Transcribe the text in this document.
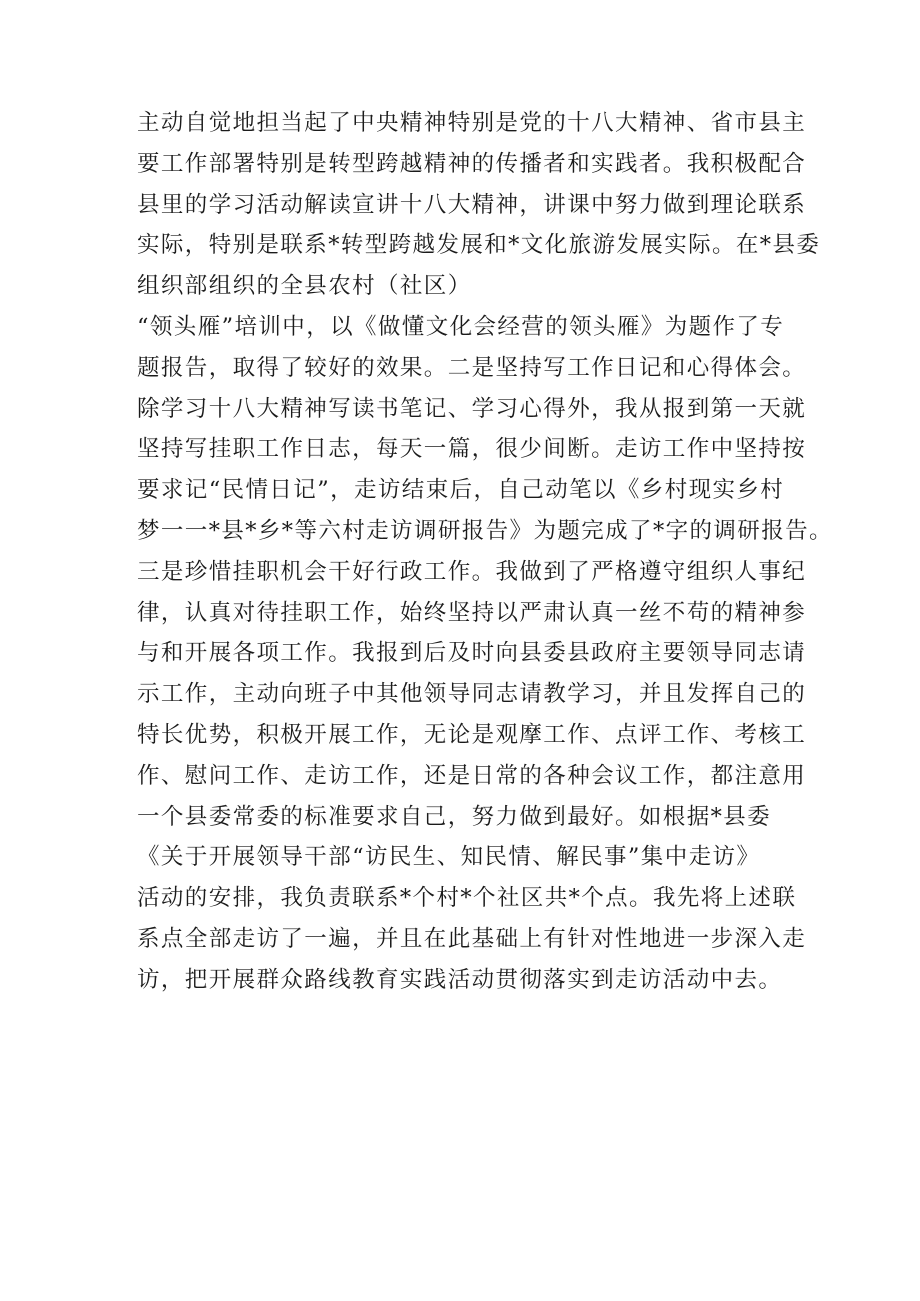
主动自觉地担当起了中央精神特别是党的十八大精神、省市县主
要工作部署特别是转型跨越精神的传播者和实践者。我积极配合
县里的学习活动解读宣讲十八大精神，讲课中努力做到理论联系
实际，特别是联系*转型跨越发展和*文化旅游发展实际。在*县委
组织部组织的全县农村（社区）
“领头雁”培训中，以《做懂文化会经营的领头雁》为题作了专
题报告，取得了较好的效果。二是坚持写工作日记和心得体会。
除学习十八大精神写读书笔记、学习心得外，我从报到第一天就
坚持写挂职工作日志，每天一篇，很少间断。走访工作中坚持按
要求记“民情日记”，走访结束后，自己动笔以《乡村现实乡村
梦一一*县*乡*等六村走访调研报告》为题完成了*字的调研报告。
三是珍惜挂职机会干好行政工作。我做到了严格遵守组织人事纪
律，认真对待挂职工作，始终坚持以严肃认真一丝不苟的精神参
与和开展各项工作。我报到后及时向县委县政府主要领导同志请
示工作，主动向班子中其他领导同志请教学习，并且发挥自己的
特长优势，积极开展工作，无论是观摩工作、点评工作、考核工
作、慰问工作、走访工作，还是日常的各种会议工作，都注意用
一个县委常委的标准要求自己，努力做到最好。如根据*县委
《关于开展领导干部“访民生、知民情、解民事”集中走访》
活动的安排，我负责联系*个村*个社区共*个点。我先将上述联
系点全部走访了一遍，并且在此基础上有针对性地进一步深入走
访，把开展群众路线教育实践活动贯彻落实到走访活动中去。
